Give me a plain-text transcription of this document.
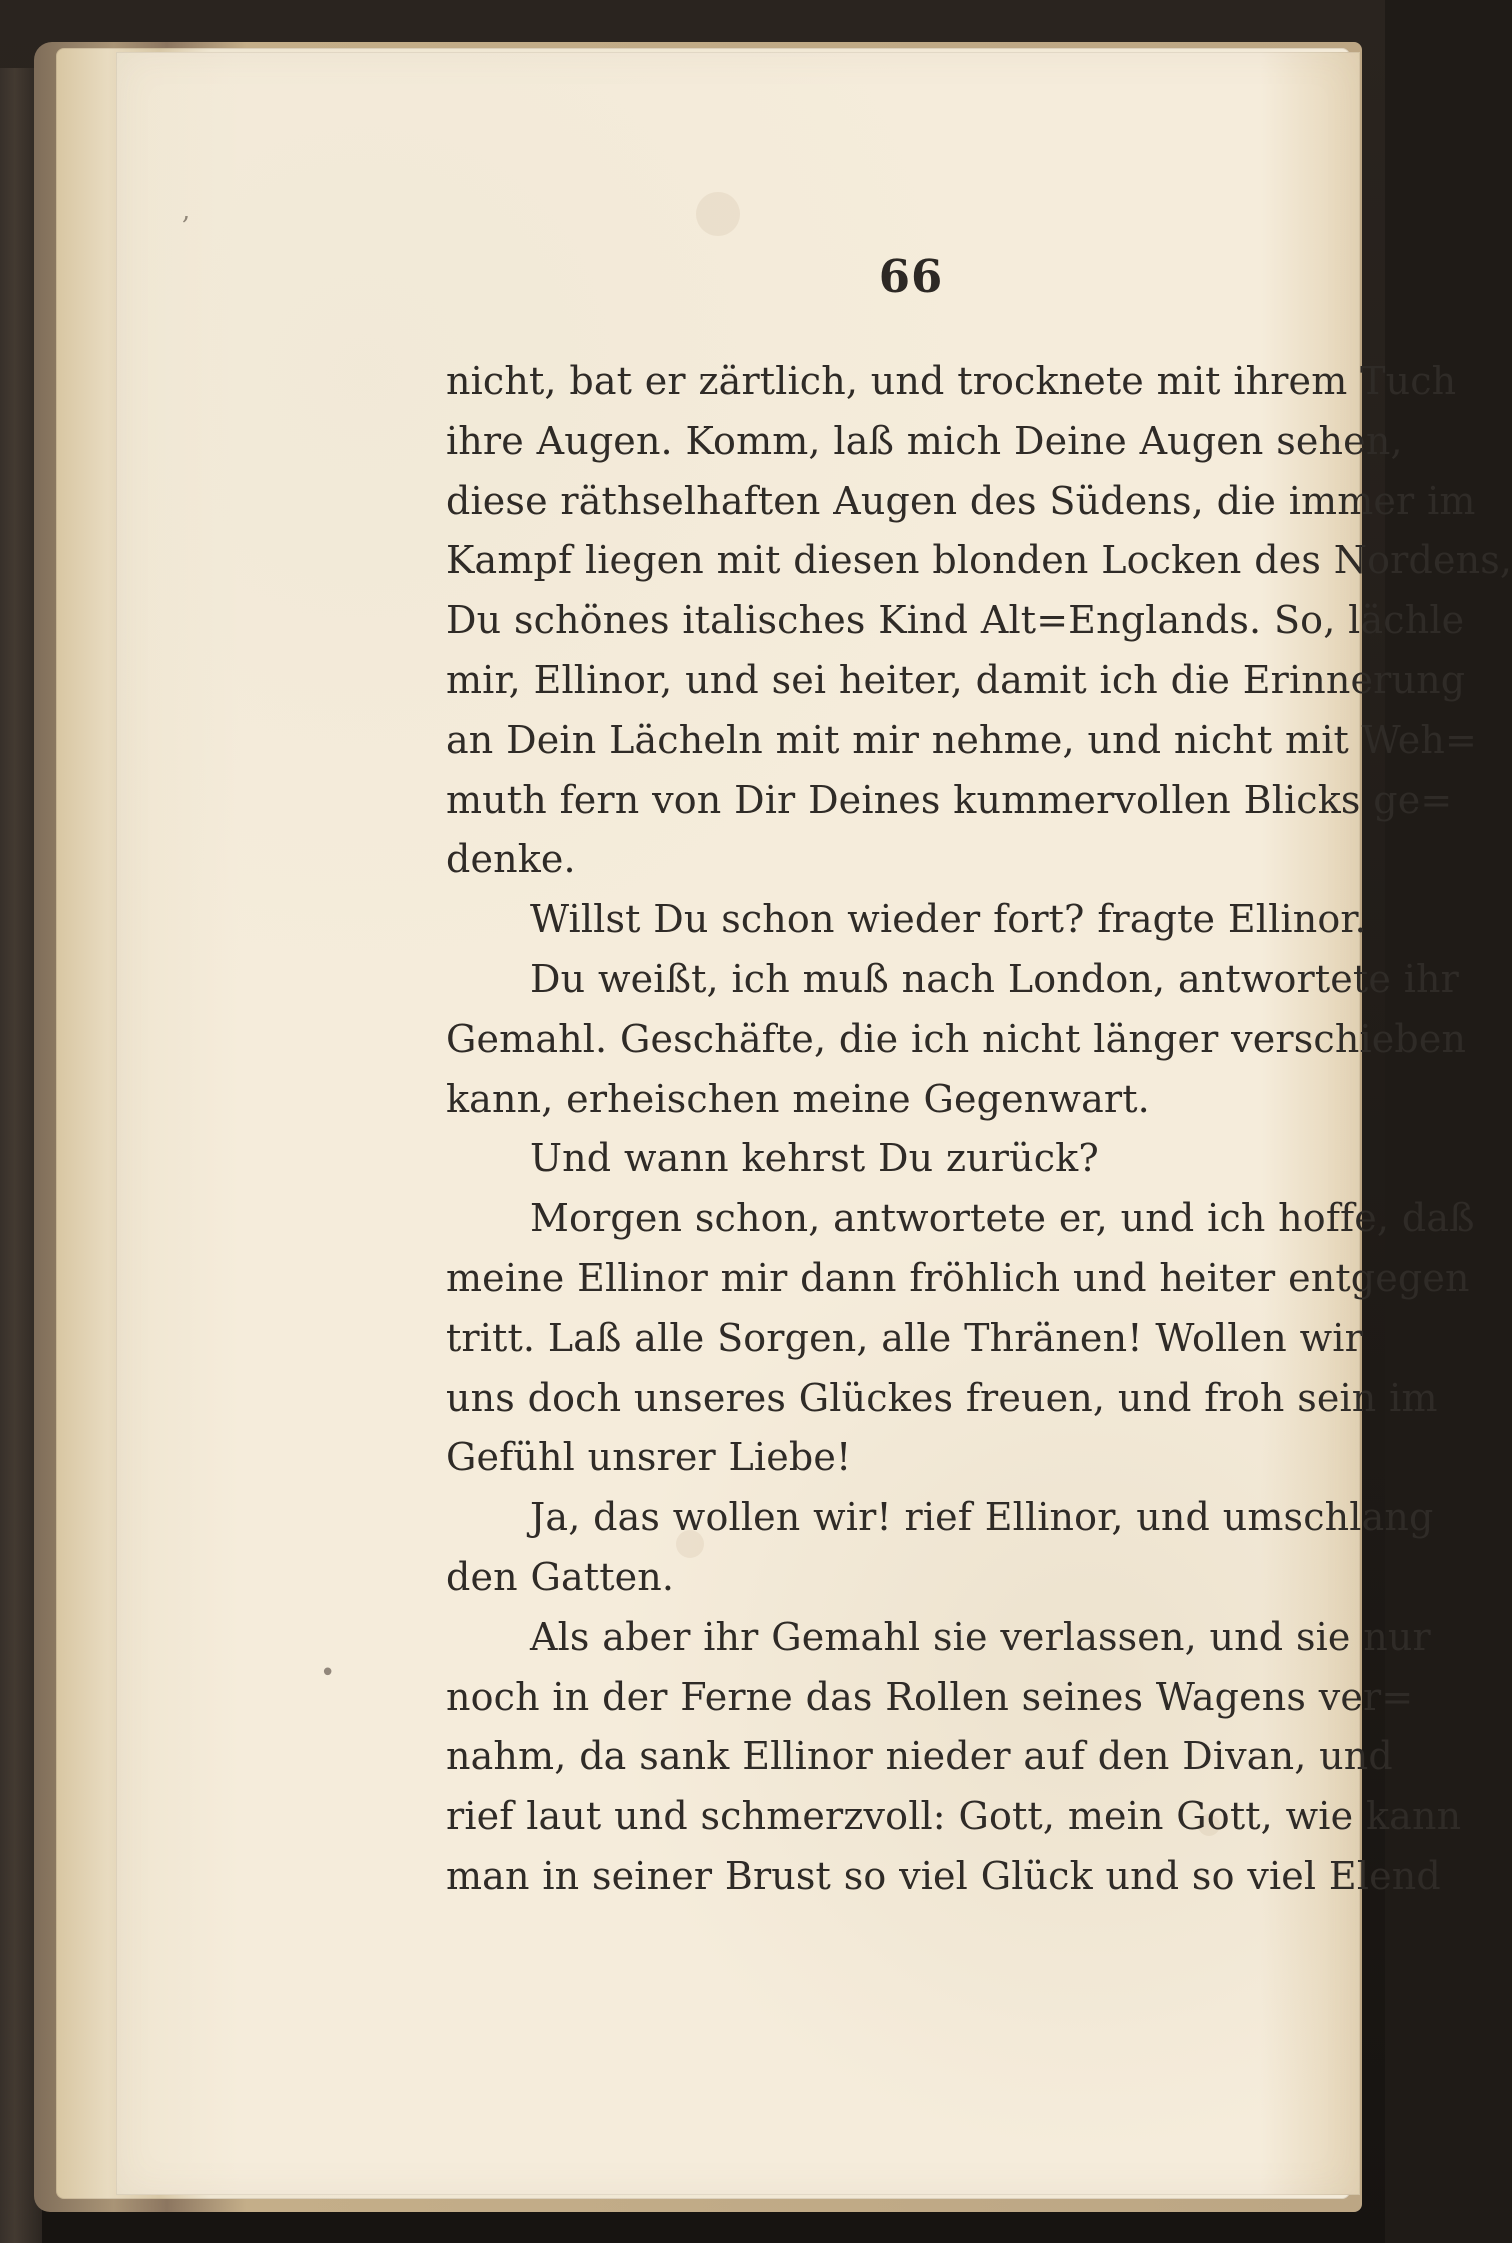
,
•
66
nicht, bat er zärtlich, und trocknete mit ihrem Tuch
ihre Augen. Komm, laß mich Deine Augen sehen,
diese räthselhaften Augen des Südens, die immer im
Kampf liegen mit diesen blonden Locken des Nordens,
Du schönes italisches Kind Alt=Englands. So, lächle
mir, Ellinor, und sei heiter, damit ich die Erinnerung
an Dein Lächeln mit mir nehme, und nicht mit Weh=
muth fern von Dir Deines kummervollen Blicks ge=
denke.
Willst Du schon wieder fort? fragte Ellinor.
Du weißt, ich muß nach London, antwortete ihr
Gemahl. Geschäfte, die ich nicht länger verschieben
kann, erheischen meine Gegenwart.
Und wann kehrst Du zurück?
Morgen schon, antwortete er, und ich hoffe, daß
meine Ellinor mir dann fröhlich und heiter entgegen
tritt. Laß alle Sorgen, alle Thränen! Wollen wir
uns doch unseres Glückes freuen, und froh sein im
Gefühl unsrer Liebe!
Ja, das wollen wir! rief Ellinor, und umschlang
den Gatten.
Als aber ihr Gemahl sie verlassen, und sie nur
noch in der Ferne das Rollen seines Wagens ver=
nahm, da sank Ellinor nieder auf den Divan, und
rief laut und schmerzvoll: Gott, mein Gott, wie kann
man in seiner Brust so viel Glück und so viel Elend
